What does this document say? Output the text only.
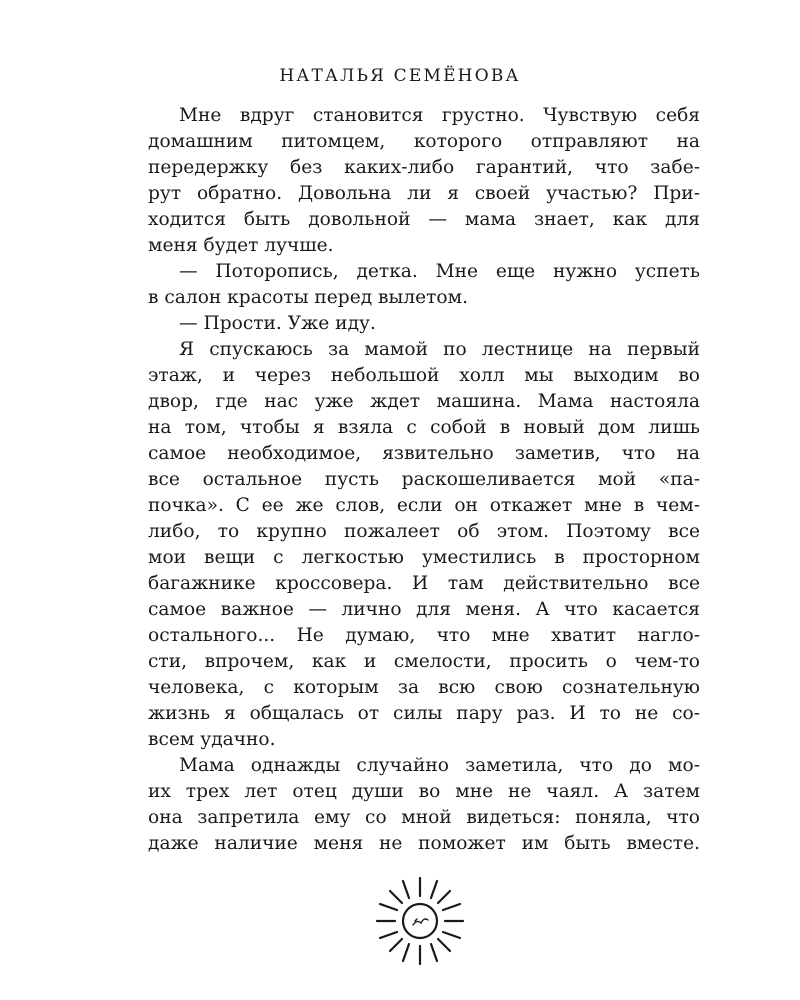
НАТАЛЬЯ СЕМЁНОВА
Мне вдруг становится грустно. Чувствую себя
домашним питомцем, которого отправляют на
передержку без каких-либо гарантий, что забе-
рут обратно. Довольна ли я своей участью? При-
ходится быть довольной — мама знает, как для
меня будет лучше.
— Поторопись, детка. Мне еще нужно успеть
в салон красоты перед вылетом.
— Прости. Уже иду.
Я спускаюсь за мамой по лестнице на первый
этаж, и через небольшой холл мы выходим во
двор, где нас уже ждет машина. Мама настояла
на том, чтобы я взяла с собой в новый дом лишь
самое необходимое, язвительно заметив, что на
все остальное пусть раскошеливается мой «па-
почка». С ее же слов, если он откажет мне в чем-
либо, то крупно пожалеет об этом. Поэтому все
мои вещи с легкостью уместились в просторном
багажнике кроссовера. И там действительно все
самое важное — лично для меня. А что касается
остального... Не думаю, что мне хватит нагло-
сти, впрочем, как и смелости, просить о чем-то
человека, с которым за всю свою сознательную
жизнь я общалась от силы пару раз. И то не со-
всем удачно.
Мама однажды случайно заметила, что до мо-
их трех лет отец души во мне не чаял. А затем
она запретила ему со мной видеться: поняла, что
даже наличие меня не поможет им быть вместе.
